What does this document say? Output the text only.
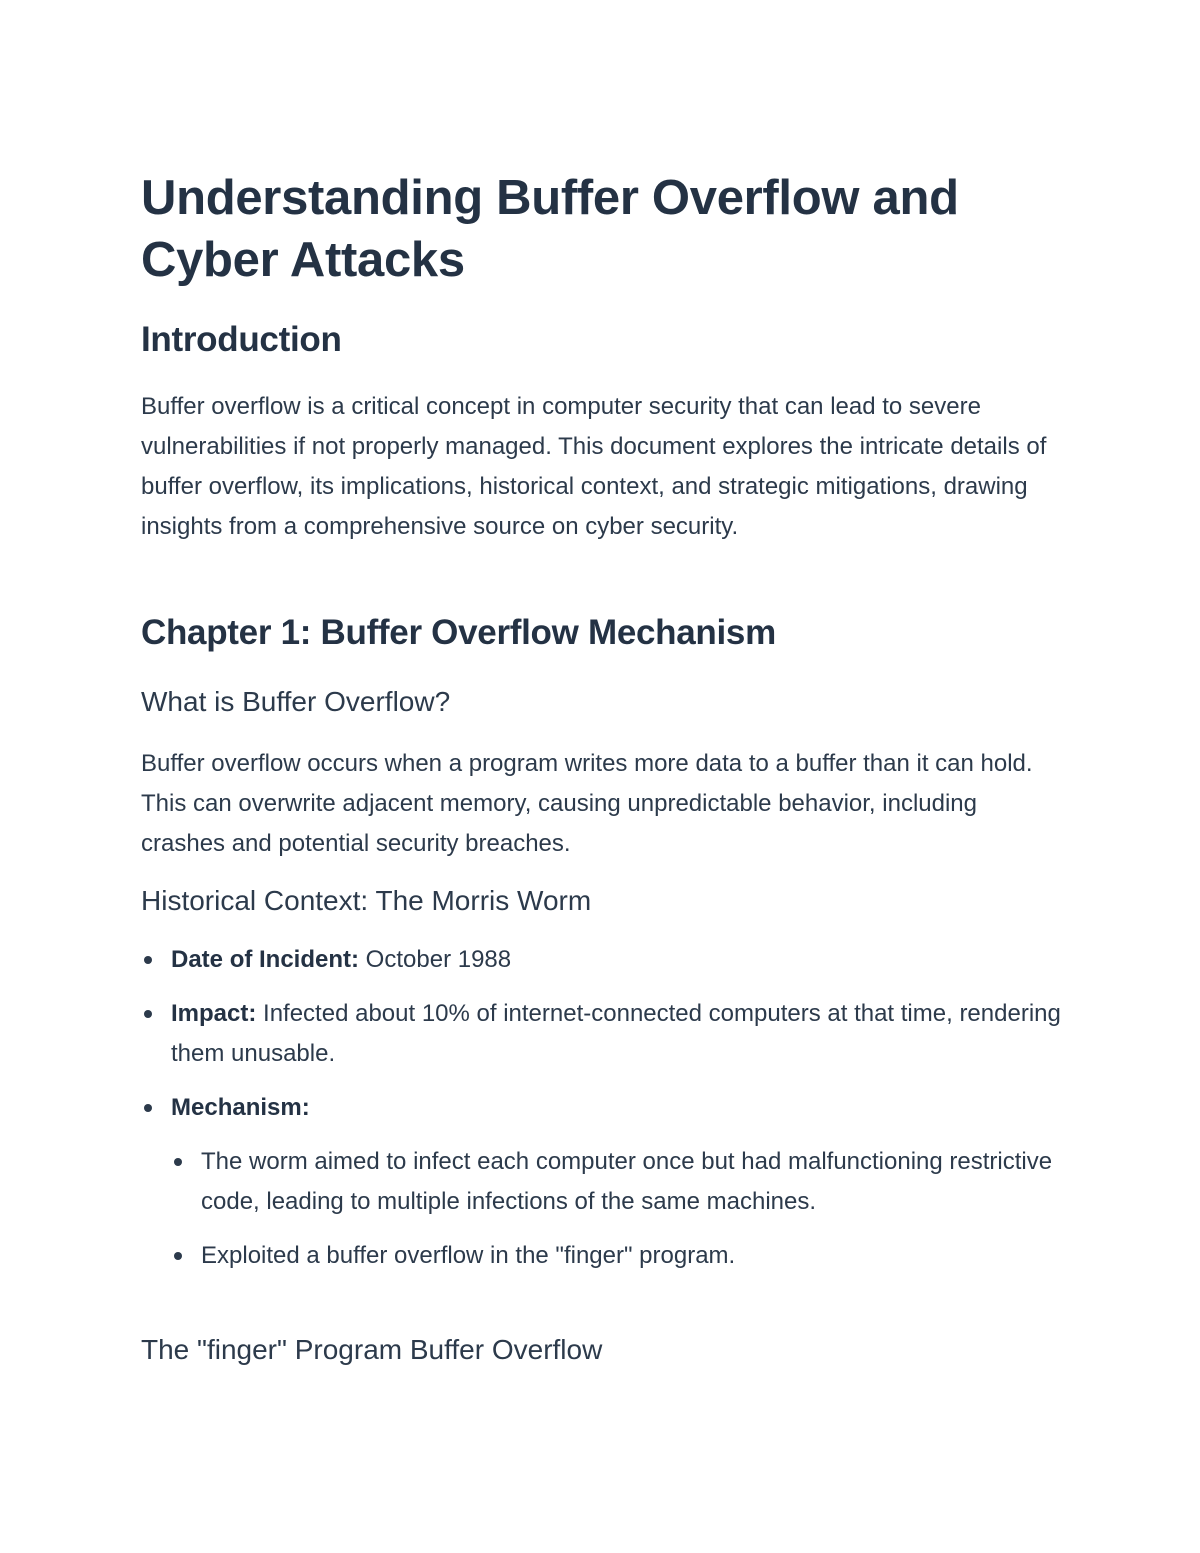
Understanding Buffer Overflow and Cyber Attacks
Introduction

Buffer overflow is a critical concept in computer security that can lead to severe vulnerabilities if not properly managed. This document explores the intricate details of buffer overflow, its implications, historical context, and strategic mitigations, drawing insights from a comprehensive source on cyber security.

Chapter 1: Buffer Overflow Mechanism
What is Buffer Overflow?

Buffer overflow occurs when a program writes more data to a buffer than it can hold. This can overwrite adjacent memory, causing unpredictable behavior, including crashes and potential security breaches.

Historical Context: The Morris Worm
Date of Incident: October 1988
Impact: Infected about 10% of internet-connected computers at that time, rendering them unusable.
Mechanism:
The worm aimed to infect each computer once but had malfunctioning restrictive code, leading to multiple infections of the same machines.
Exploited a buffer overflow in the "finger" program.
The "finger" Program Buffer Overflow
